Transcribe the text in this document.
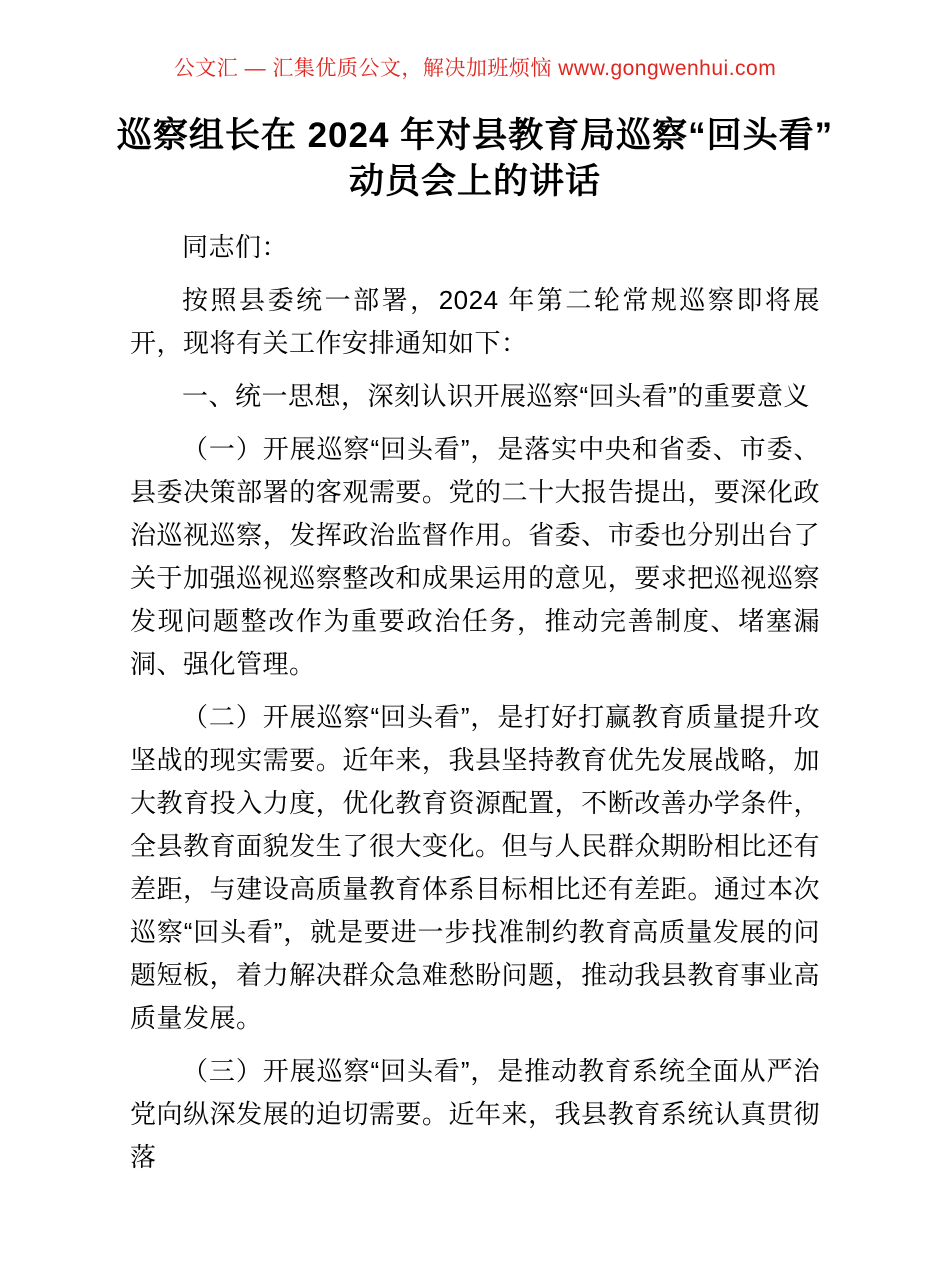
公文汇 — 汇集优质公文，解决加班烦恼 www.gongwenhui.com
巡察组长在 2024 年对县教育局巡察“回头看”动员会上的讲话

同志们：

按照县委统一部署，2024 年第二轮常规巡察即将展开，现将有关工作安排通知如下：

一、统一思想，深刻认识开展巡察“回头看”的重要意义

（一）开展巡察“回头看”，是落实中央和省委、市委、县委决策部署的客观需要。党的二十大报告提出，要深化政治巡视巡察，发挥政治监督作用。省委、市委也分别出台了关于加强巡视巡察整改和成果运用的意见，要求把巡视巡察发现问题整改作为重要政治任务，推动完善制度、堵塞漏洞、强化管理。

（二）开展巡察“回头看”，是打好打赢教育质量提升攻坚战的现实需要。近年来，我县坚持教育优先发展战略，加大教育投入力度，优化教育资源配置，不断改善办学条件，全县教育面貌发生了很大变化。但与人民群众期盼相比还有差距，与建设高质量教育体系目标相比还有差距。通过本次巡察“回头看”，就是要进一步找准制约教育高质量发展的问题短板，着力解决群众急难愁盼问题，推动我县教育事业高质量发展。

（三）开展巡察“回头看”，是推动教育系统全面从严治党向纵深发展的迫切需要。近年来，我县教育系统认真贯彻落
